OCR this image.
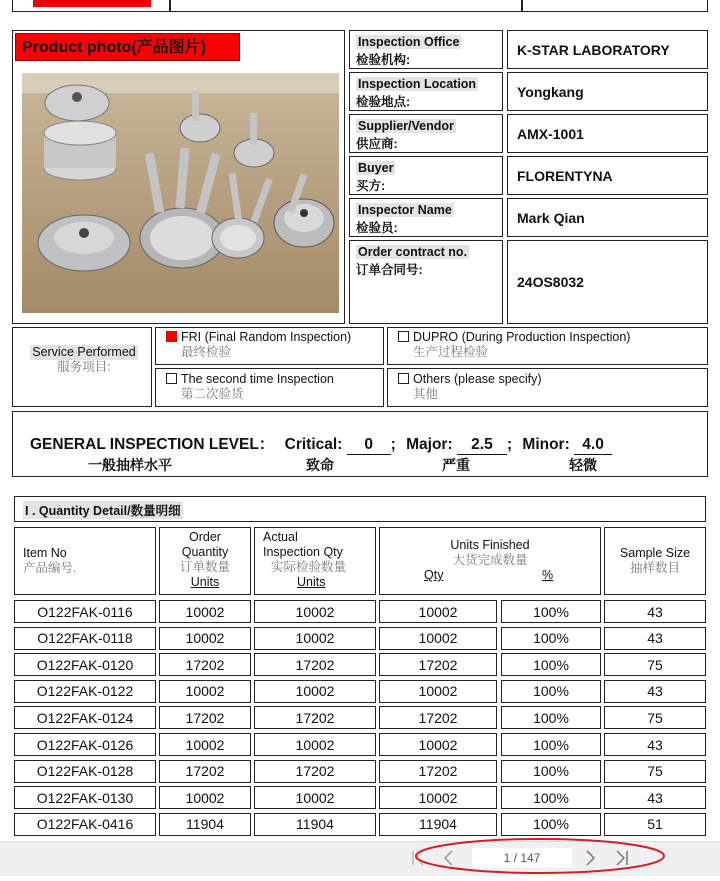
Product photo(产品图片)	Inspection Office
检验机构:
K-STAR LABORATORY
Inspection Location
检验地点:
Yongkang
Supplier/Vendor
供应商:
AMX-1001
Buyer
买方:
FLORENTYNA
Inspector Name
检验员:
Mark Qian
Order contract no.
订单合同号:
24OS8032
Service Performed
服务项目:
FRI (Final Random Inspection)
最终检验
DUPRO (During Production Inspection)
生产过程检验
The second time Inspection
第二次验货
Others (please specify)
其他
GENERAL INSPECTION LEVEL： Critical: 0 ; Major: 2.5 ; Minor: 4.0
一般抽样水平	致命	严重	轻微
I . Quantity Detail/数量明细
Item No
产品编号.
Order
Quantity
订单数量
Units
Actual
Inspection Qty
实际检验数量
Units
Units Finished
大货完成数量
Qty	%
Sample Size
抽样数目
O122FAK-0116	10002	10002	10002	100%	43
O122FAK-0118	10002	10002	10002	100%	43
O122FAK-0120	17202	17202	17202	100%	75
O122FAK-0122	10002	10002	10002	100%	43
O122FAK-0124	17202	17202	17202	100%	75
O122FAK-0126	10002	10002	10002	100%	43
O122FAK-0128	17202	17202	17202	100%	75
O122FAK-0130	10002	10002	10002	100%	43
O122FAK-0416	11904	11904	11904	100%	51
1 / 147
